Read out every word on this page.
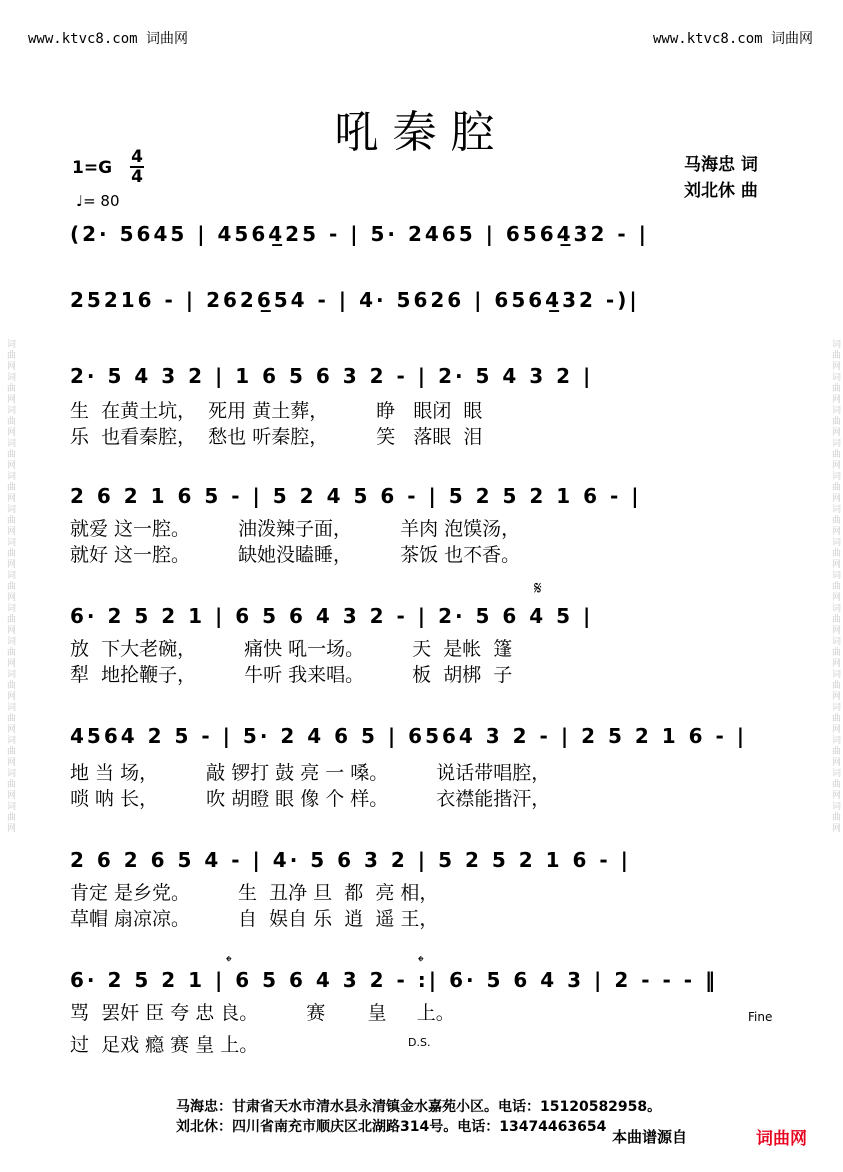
词曲网词曲网词曲网词曲网词曲网词曲网词曲网词曲网词曲网词曲网词曲网词曲网词曲网词曲网词曲网	词曲网词曲网词曲网词曲网词曲网词曲网词曲网词曲网词曲网词曲网词曲网词曲网词曲网词曲网词曲网
www.ktvc8.com 词曲网	www.ktvc8.com 词曲网
吼秦腔
1=G
4
4
♩= 80
马海忠 词
刘北休 曲
(2· 5645 | 4564̲25 - | 5· 2465 | 6564̲32 - |
25216 - | 2626̲54 - | 4· 5626 | 6564̲32 -)|
2· 5 4 3 2 | 1 6 5 6 3 2 - | 2· 5 4 3 2 |
2 6 2 1 6 5 - | 5 2 4 5 6 - | 5 2 5 2 1 6 - |
6· 2 5 2 1 | 6 5 6 4 3 2 - | 2· 5 6 4 5 |
4564 2 5 - | 5· 2 4 6 5 | 6564 3 2 - | 2 5 2 1 6 - |
2 6 2 6 5 4 - | 4· 5 6 3 2 | 5 2 5 2 1 6 - |
6· 2 5 2 1 | 6 5 6 4 3 2 - :| 6· 5 6 4 3 | 2 - - - ‖
生  在黄土坑，  死用 黄土葬，	睁   眼闭  眼
乐  也看秦腔，  愁也 听秦腔，	笑   落眼  泪
就爱 这一腔。	油泼辣子面，	羊肉 泡馍汤，
就好 这一腔。	缺她没瞌睡，	茶饭 也不香。
放  下大老碗，	痛快 吼一场。	天  是帐  篷
犁  地抡鞭子，	牛听 我来唱。	板  胡梆  子
地 当 场，	敲 锣打 鼓 亮 一 嗓。	说话带唱腔，
唢 呐 长，	吹 胡瞪 眼 像 个 样。	衣襟能揩汗，
肯定 是乡党。	生  丑净 旦  都  亮 相，
草帽 扇凉凉。	自  娱自 乐  逍  遥 王，
骂  罢奸 臣 夸 忠 良。	赛       皇     上。
过  足戏 瘾 赛 皇 上。
Fine
D.S.
𝄋
𝄌	𝄌
马海忠：甘肃省天水市清水县永清镇金水嘉苑小区。电话：15120582958。
刘北休：四川省南充市顺庆区北湖路314号。电话：13474463654
本曲谱源自	词曲网
